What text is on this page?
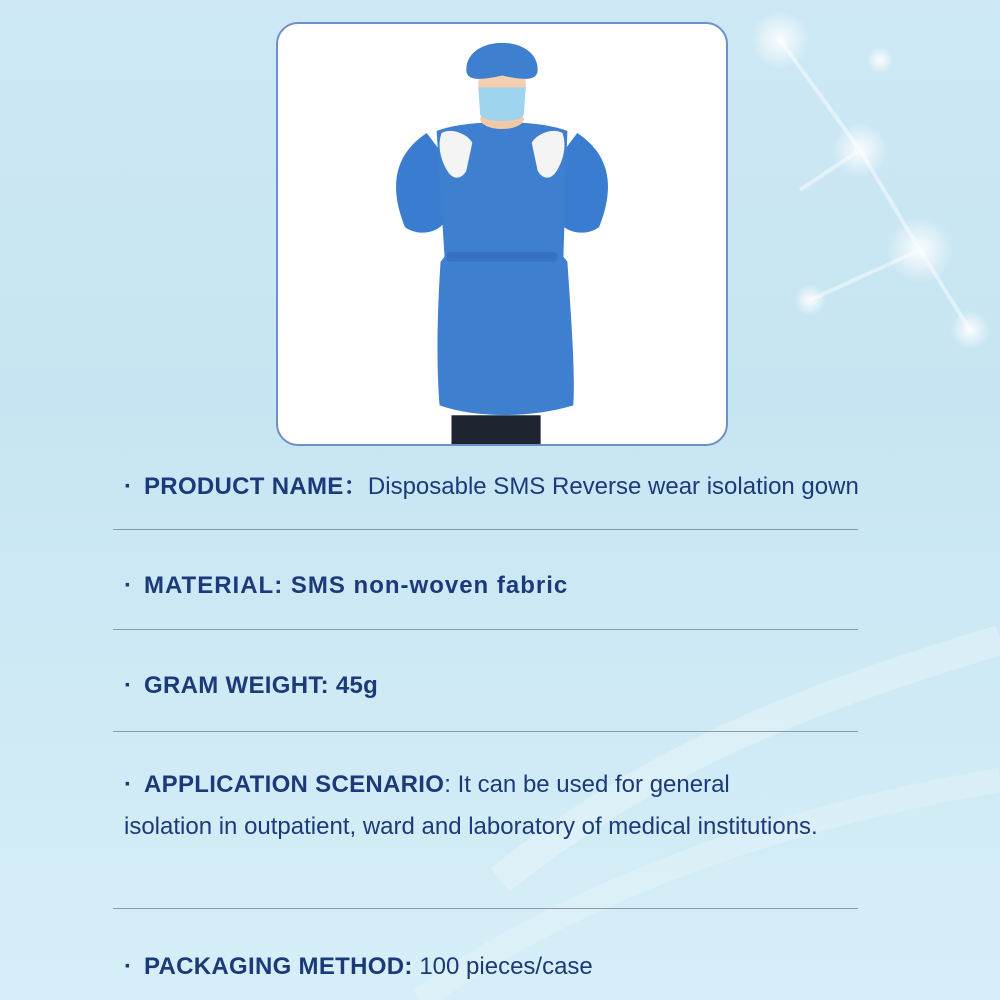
· PRODUCT NAME：Disposable SMS Reverse wear isolation gown
· MATERIAL: SMS non-woven fabric
· GRAM WEIGHT: 45g
· APPLICATION SCENARIO: It can be used for general
isolation in outpatient, ward and laboratory of medical institutions.
· PACKAGING METHOD: 100 pieces/case
